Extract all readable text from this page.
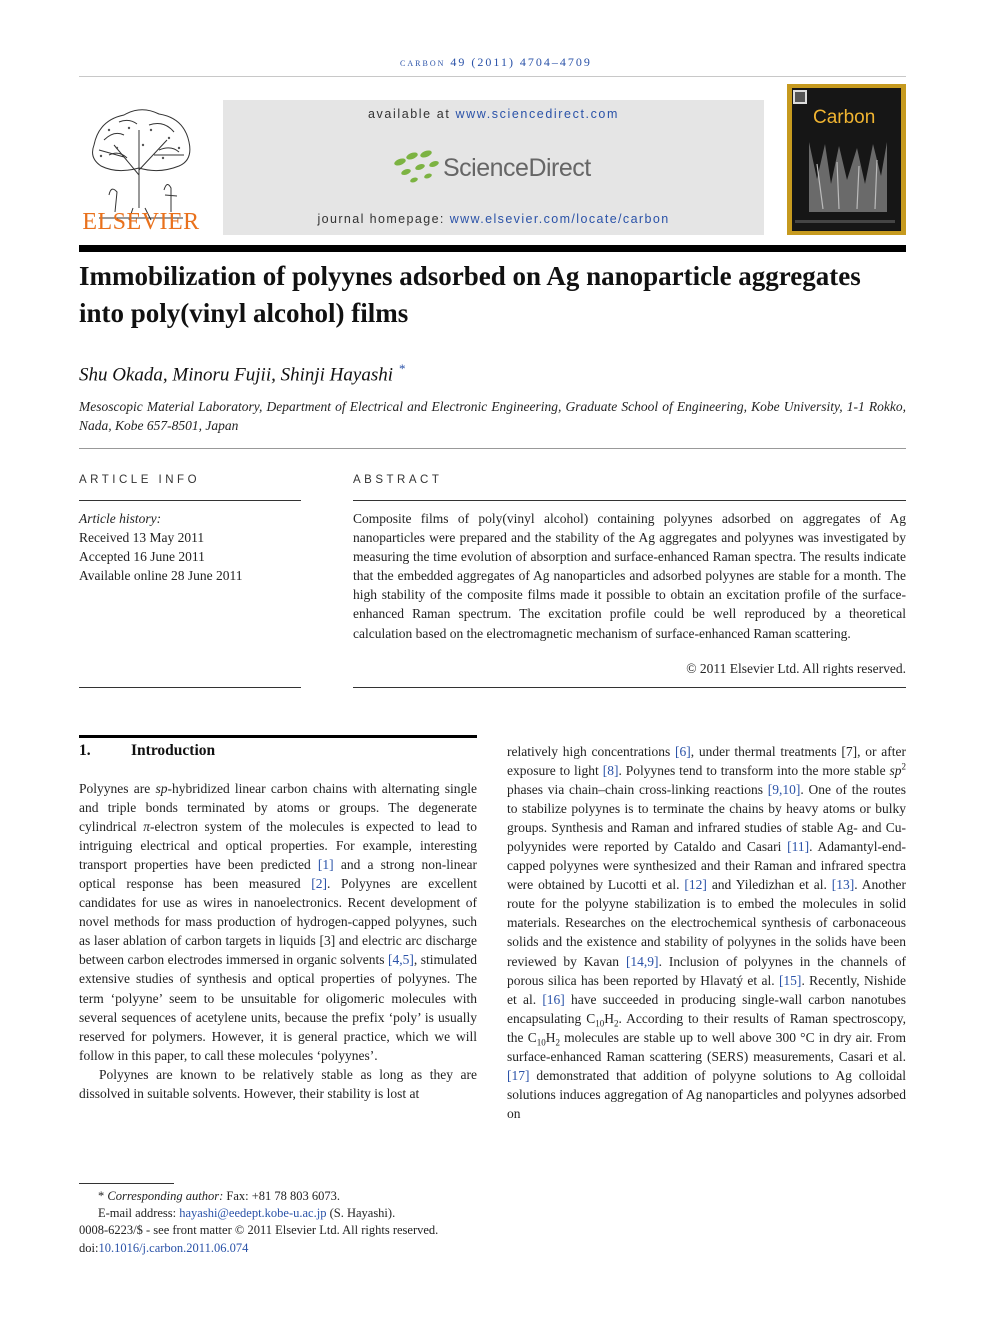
carbon 49 (2011) 4704–4709
ELSEVIER
available at www.sciencedirect.com
ScienceDirect
journal homepage: www.elsevier.com/locate/carbon
Carbon
Immobilization of polyynes adsorbed on Ag nanoparticle aggregates into poly(vinyl alcohol) films
Shu Okada, Minoru Fujii, Shinji Hayashi *
Mesoscopic Material Laboratory, Department of Electrical and Electronic Engineering, Graduate School of Engineering, Kobe University, 1-1 Rokko, Nada, Kobe 657-8501, Japan
ARTICLE INFO
Article history:
Received 13 May 2011
Accepted 16 June 2011
Available online 28 June 2011
ABSTRACT
Composite films of poly(vinyl alcohol) containing polyynes adsorbed on aggregates of Ag nanoparticles were prepared and the stability of the Ag aggregates and polyynes was investigated by measuring the time evolution of absorption and surface-enhanced Raman spectra. The results indicate that the embedded aggregates of Ag nanoparticles and adsorbed polyynes are stable for a month. The high stability of the composite films made it possible to obtain an excitation profile of the surface-enhanced Raman spectrum. The excitation profile could be well reproduced by a theoretical calculation based on the electromagnetic mechanism of surface-enhanced Raman scattering.
© 2011 Elsevier Ltd. All rights reserved.
1.	Introduction

Polyynes are sp-hybridized linear carbon chains with alternating single and triple bonds terminated by atoms or groups. The degenerate cylindrical π-electron system of the molecules is expected to lead to intriguing electrical and optical properties. For example, interesting transport properties have been predicted [1] and a strong non-linear optical response has been measured [2]. Polyynes are excellent candidates for use as wires in nanoelectronics. Recent development of novel methods for mass production of hydrogen-capped polyynes, such as laser ablation of carbon targets in liquids [3] and electric arc discharge between carbon electrodes immersed in organic solvents [4,5], stimulated extensive studies of synthesis and optical properties of polyynes. The term ‘polyyne’ seem to be unsuitable for oligomeric molecules with several sequences of acetylene units, because the prefix ‘poly’ is usually reserved for polymers. However, it is general practice, which we will follow in this paper, to call these molecules ‘polyynes’.

Polyynes are known to be relatively stable as long as they are dissolved in suitable solvents. However, their stability is lost at

relatively high concentrations [6], under thermal treatments [7], or after exposure to light [8]. Polyynes tend to transform into the more stable $sp^2$ phases via chain–chain cross-linking reactions [9,10]. One of the routes to stabilize polyynes is to terminate the chains by heavy atoms or bulky groups. Synthesis and Raman and infrared studies of stable Ag- and Cu-polyynides were reported by Cataldo and Casari [11]. Adamantyl-end-capped polyynes were synthesized and their Raman and infrared spectra were obtained by Lucotti et al. [12] and Yiledizhan et al. [13]. Another route for the polyyne stabilization is to embed the molecules in solid materials. Researches on the electrochemical synthesis of carbonaceous solids and the existence and stability of polyynes in the solids have been reviewed by Kavan [14,9]. Inclusion of polyynes in the channels of porous silica has been reported by Hlavatý et al. [15]. Recently, Nishide et al. [16] have succeeded in producing single-wall carbon nanotubes encapsulating $C_{10}H_2$. According to their results of Raman spectroscopy, the $C_{10}H_2$ molecules are stable up to well above 300 °C in dry air. From surface-enhanced Raman scattering (SERS) measurements, Casari et al. [17] demonstrated that addition of polyyne solutions to Ag colloidal solutions induces aggregation of Ag nanoparticles and polyynes adsorbed on

* Corresponding author: Fax: +81 78 803 6073.
E-mail address: hayashi@eedept.kobe-u.ac.jp (S. Hayashi).
0008-6223/$ - see front matter © 2011 Elsevier Ltd. All rights reserved.
doi:10.1016/j.carbon.2011.06.074
